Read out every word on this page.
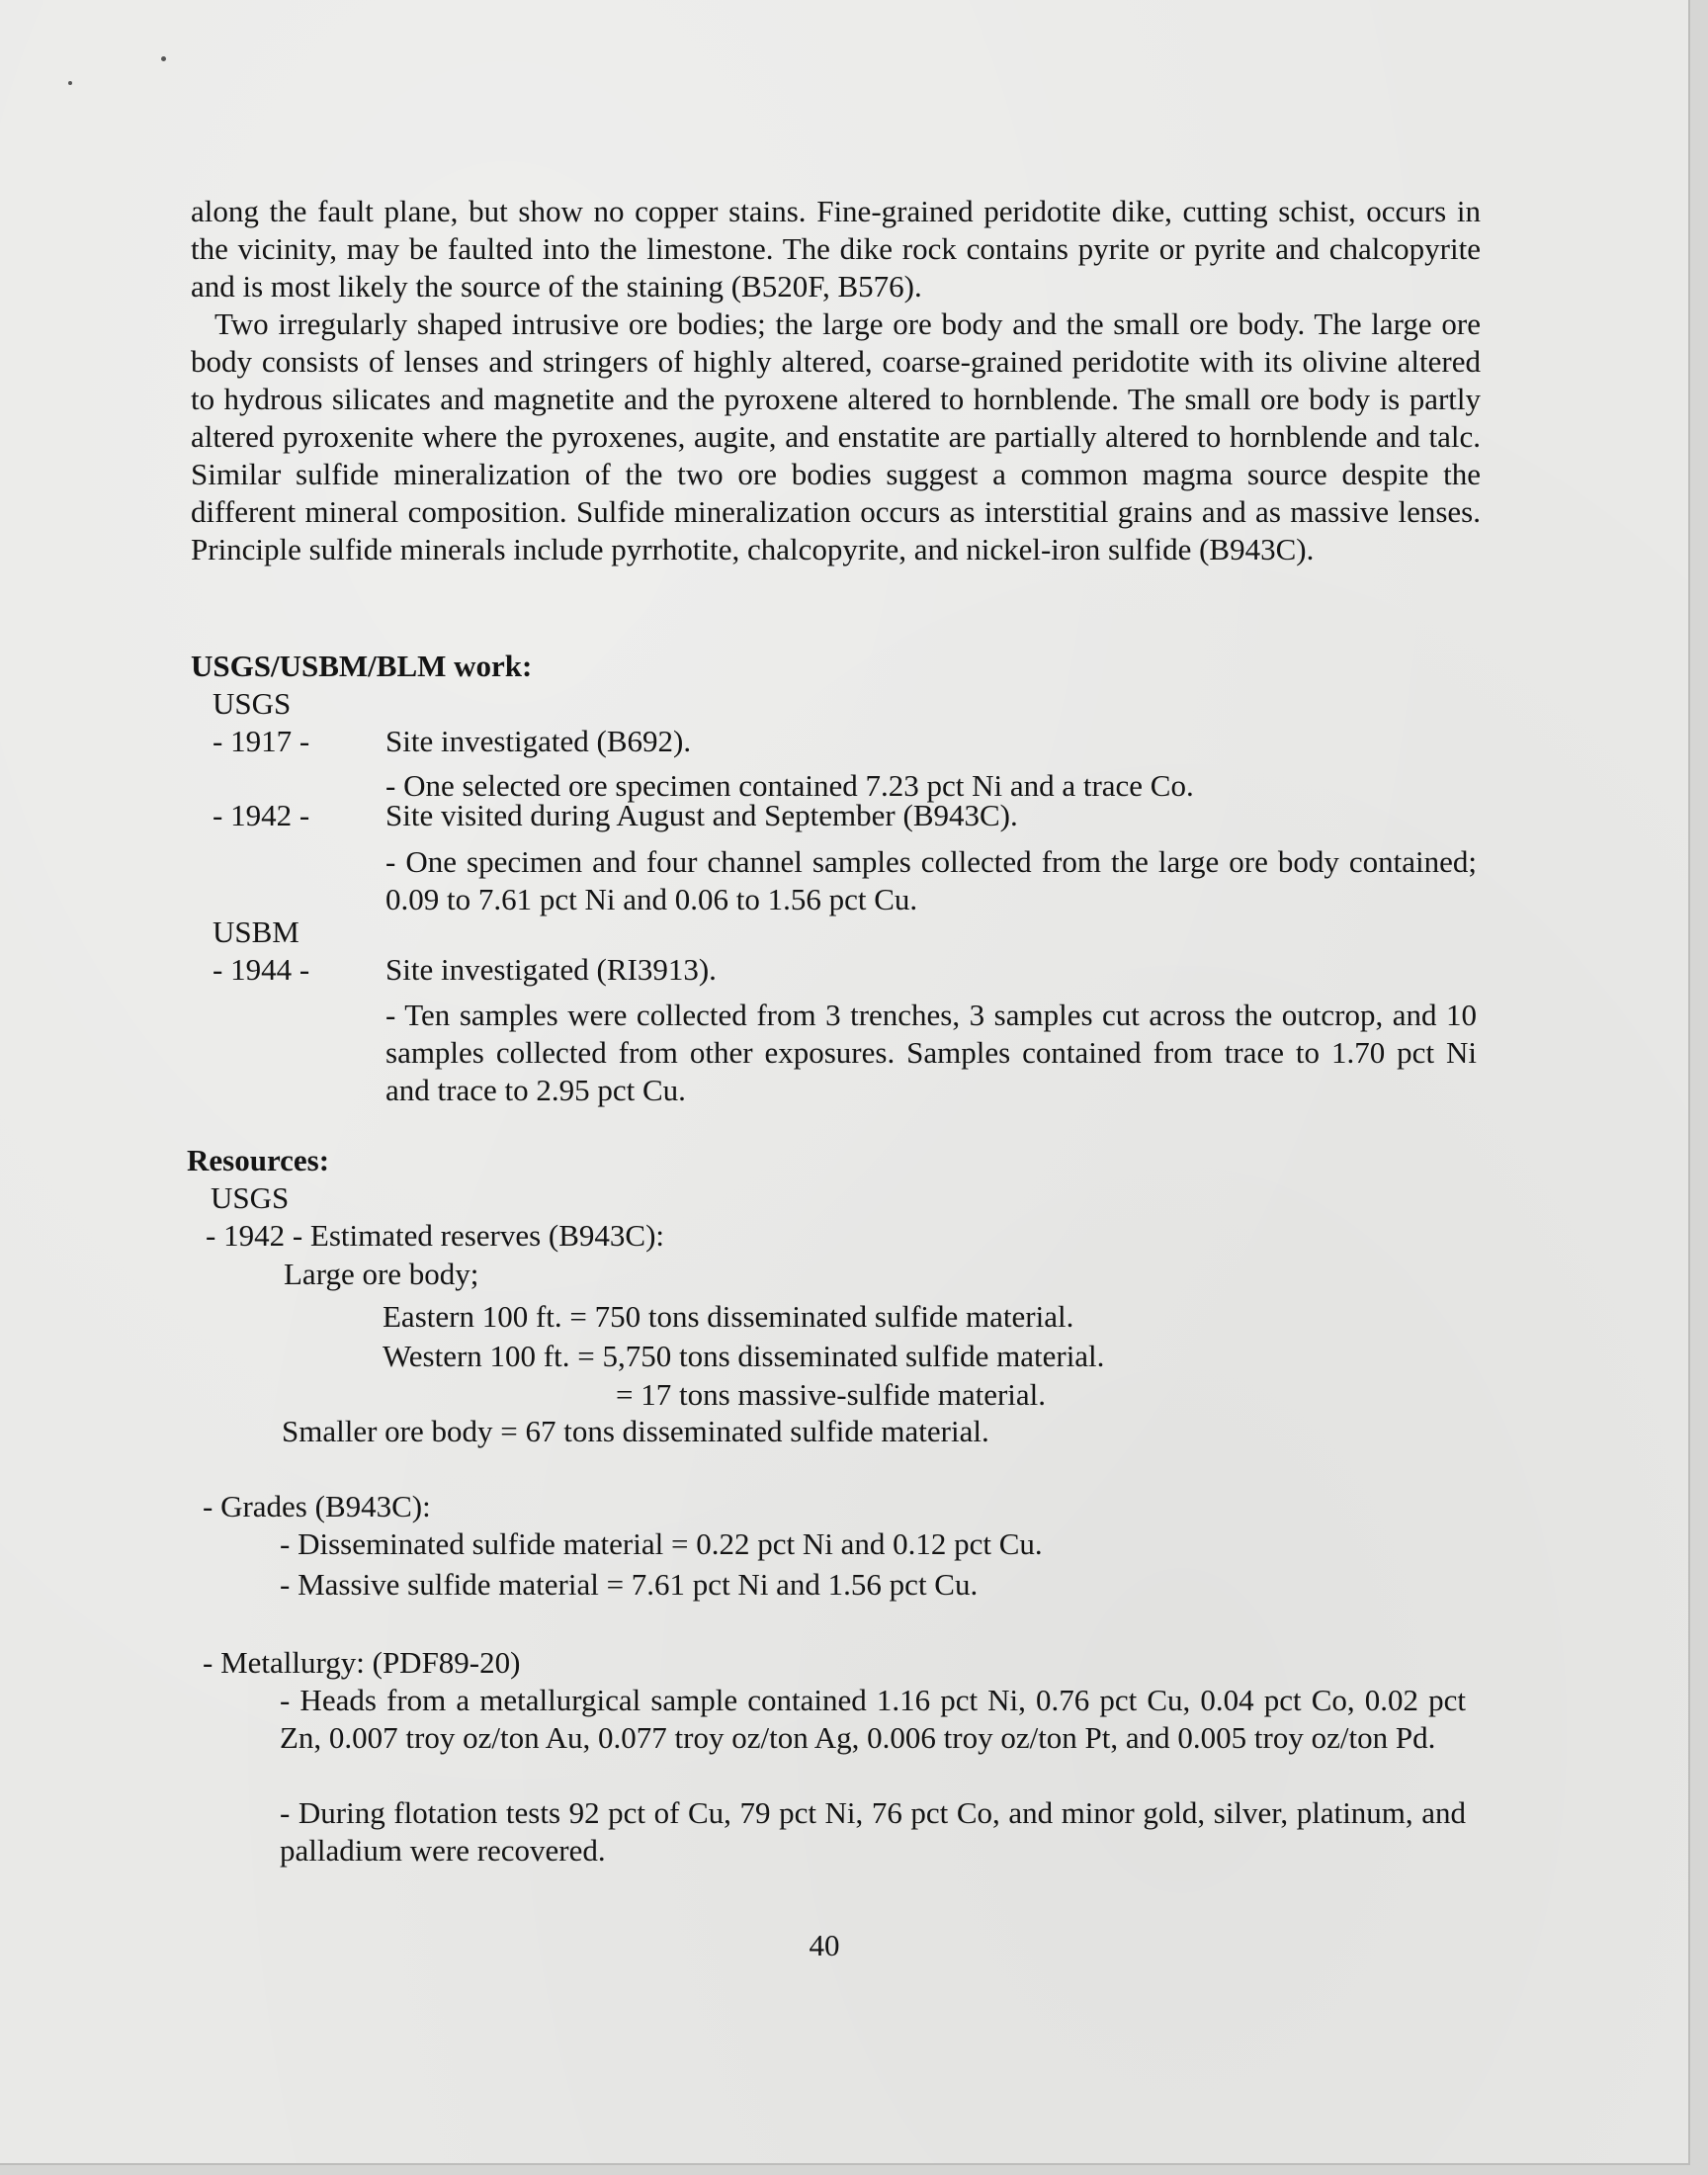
along the fault plane, but show no copper stains. Fine-grained peridotite dike, cutting schist, occurs in the vicinity, may be faulted into the limestone. The dike rock contains pyrite or pyrite and chalcopyrite and is most likely the source of the staining (B520F, B576).

Two irregularly shaped intrusive ore bodies; the large ore body and the small ore body. The large ore body consists of lenses and stringers of highly altered, coarse-grained peridotite with its olivine altered to hydrous silicates and magnetite and the pyroxene altered to hornblende. The small ore body is partly altered pyroxenite where the pyroxenes, augite, and enstatite are partially altered to hornblende and talc. Similar sulfide mineralization of the two ore bodies suggest a common magma source despite the different mineral composition. Sulfide mineralization occurs as interstitial grains and as massive lenses. Principle sulfide minerals include pyrrhotite, chalcopyrite, and nickel-iron sulfide (B943C).

USGS/USBM/BLM work:
USGS
- 1917 - Site investigated (B692).
- One selected ore specimen contained 7.23 pct Ni and a trace Co.
- 1942 - Site visited during August and September (B943C).
- One specimen and four channel samples collected from the large ore body contained; 0.09 to 7.61 pct Ni and 0.06 to 1.56 pct Cu.
USBM
- 1944 - Site investigated (RI3913).
- Ten samples were collected from 3 trenches, 3 samples cut across the outcrop, and 10 samples collected from other exposures. Samples contained from trace to 1.70 pct Ni and trace to 2.95 pct Cu.
Resources:
USGS
- 1942 - Estimated reserves (B943C):
Large ore body;
Eastern 100 ft. = 750 tons disseminated sulfide material.
Western 100 ft. = 5,750 tons disseminated sulfide material.
= 17 tons massive-sulfide material.
Smaller ore body = 67 tons disseminated sulfide material.
- Grades (B943C):
- Disseminated sulfide material = 0.22 pct Ni and 0.12 pct Cu.
- Massive sulfide material = 7.61 pct Ni and 1.56 pct Cu.
- Metallurgy: (PDF89-20)
- Heads from a metallurgical sample contained 1.16 pct Ni, 0.76 pct Cu, 0.04 pct Co, 0.02 pct Zn, 0.007 troy oz/ton Au, 0.077 troy oz/ton Ag, 0.006 troy oz/ton Pt, and 0.005 troy oz/ton Pd.
- During flotation tests 92 pct of Cu, 79 pct Ni, 76 pct Co, and minor gold, silver, platinum, and palladium were recovered.
40
